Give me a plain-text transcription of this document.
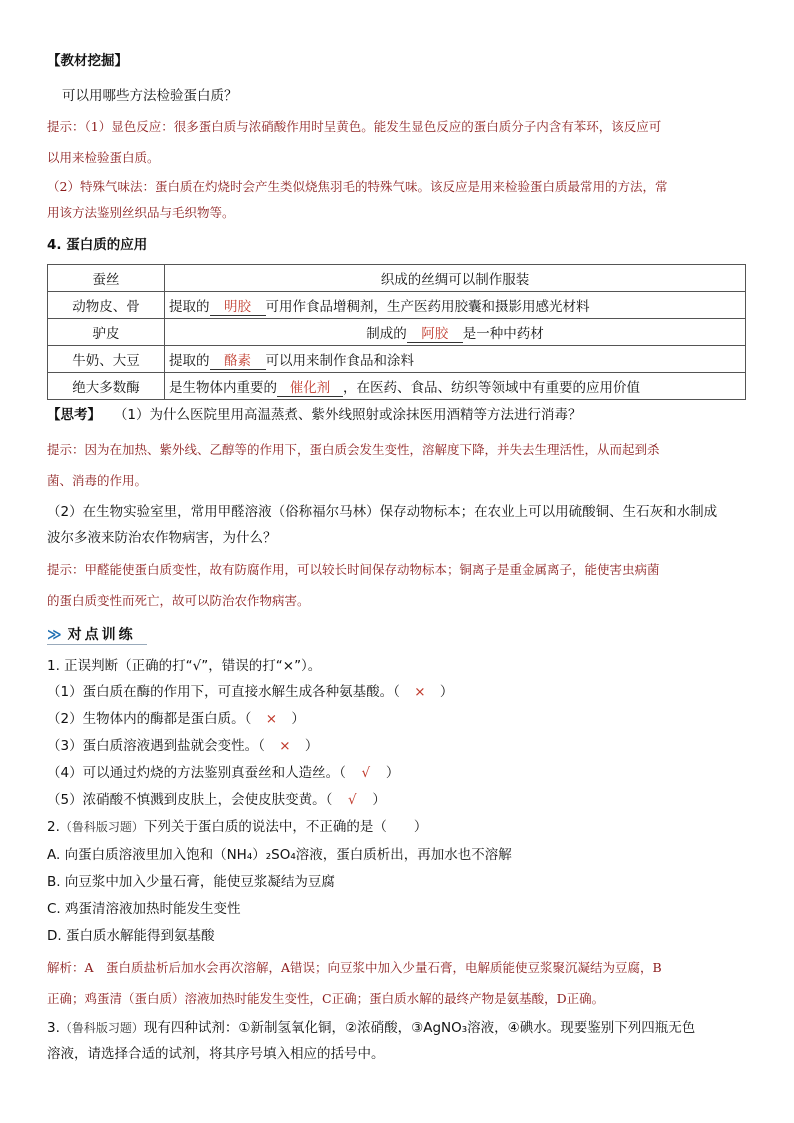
【教材挖掘】
可以用哪些方法检验蛋白质？
提示：（1）显色反应：很多蛋白质与浓硝酸作用时呈黄色。能发生显色反应的蛋白质分子内含有苯环，该反应可
以用来检验蛋白质。
（2）特殊气味法：蛋白质在灼烧时会产生类似烧焦羽毛的特殊气味。该反应是用来检验蛋白质最常用的方法，常
用该方法鉴别丝织品与毛织物等。
4. 蛋白质的应用
蚕丝	织成的丝绸可以制作服装
动物皮、骨	提取的 明胶 可用作食品增稠剂，生产医药用胶囊和摄影用感光材料
驴皮	制成的 阿胶 是一种中药材
牛奶、大豆	提取的 酪素 可以用来制作食品和涂料
绝大多数酶	是生物体内重要的 催化剂 ，在医药、食品、纺织等领域中有重要的应用价值
【思考】 （1）为什么医院里用高温蒸煮、紫外线照射或涂抹医用酒精等方法进行消毒？
提示：因为在加热、紫外线、乙醇等的作用下，蛋白质会发生变性，溶解度下降，并失去生理活性，从而起到杀
菌、消毒的作用。
（2）在生物实验室里，常用甲醛溶液（俗称福尔马林）保存动物标本；在农业上可以用硫酸铜、生石灰和水制成
波尔多液来防治农作物病害，为什么？
提示：甲醛能使蛋白质变性，故有防腐作用，可以较长时间保存动物标本；铜离子是重金属离子，能使害虫病菌
的蛋白质变性而死亡，故可以防治农作物病害。
≫ 对点训练
1. 正误判断（正确的打“√”，错误的打“×”）。
（1）蛋白质在酶的作用下，可直接水解生成各种氨基酸。（ × ）
（2）生物体内的酶都是蛋白质。（ × ）
（3）蛋白质溶液遇到盐就会变性。（ × ）
（4）可以通过灼烧的方法鉴别真蚕丝和人造丝。（ √ ）
（5）浓硝酸不慎溅到皮肤上，会使皮肤变黄。（ √ ）
2.（鲁科版习题）下列关于蛋白质的说法中，不正确的是（　　）
A. 向蛋白质溶液里加入饱和（NH₄）₂SO₄溶液，蛋白质析出，再加水也不溶解
B. 向豆浆中加入少量石膏，能使豆浆凝结为豆腐
C. 鸡蛋清溶液加热时能发生变性
D. 蛋白质水解能得到氨基酸
解析：A　蛋白质盐析后加水会再次溶解，A错误；向豆浆中加入少量石膏，电解质能使豆浆聚沉凝结为豆腐，B
正确；鸡蛋清（蛋白质）溶液加热时能发生变性，C正确；蛋白质水解的最终产物是氨基酸，D正确。
3.（鲁科版习题）现有四种试剂：①新制氢氧化铜，②浓硝酸，③AgNO₃溶液，④碘水。现要鉴别下列四瓶无色
溶液，请选择合适的试剂，将其序号填入相应的括号中。
